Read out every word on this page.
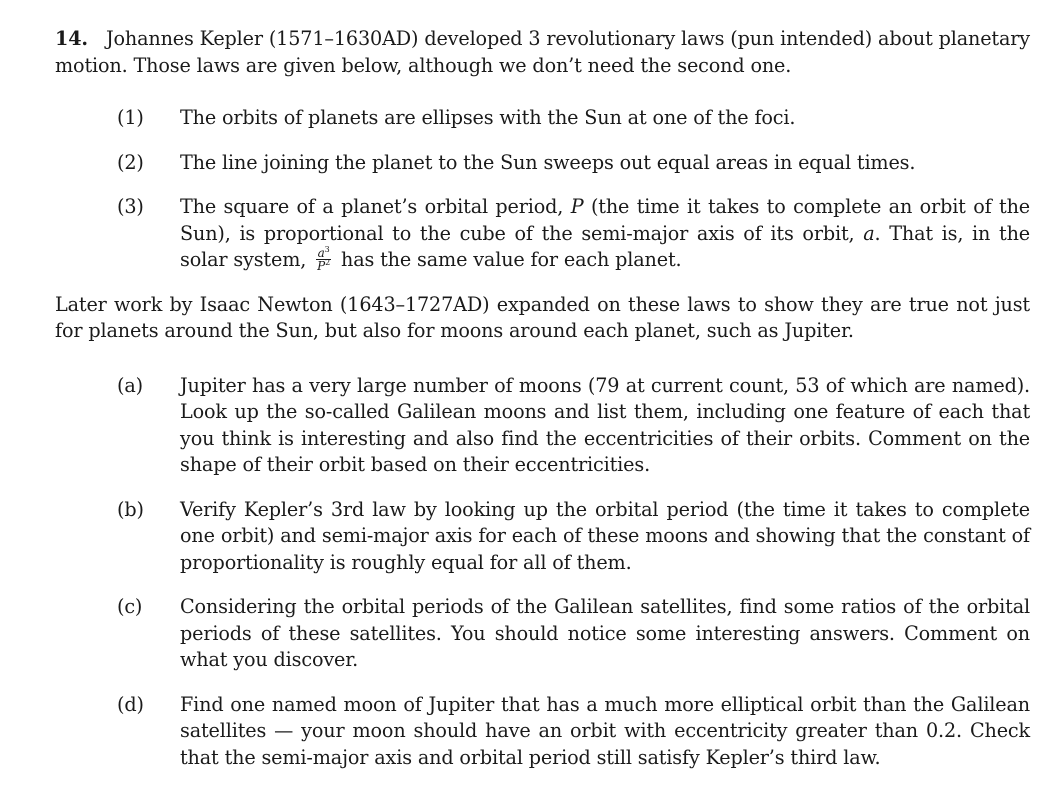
14. Johannes Kepler (1571–1630AD) developed 3 revolutionary laws (pun intended) about planetary motion. Those laws are given below, although we don’t need the second one.

(1)	The orbits of planets are ellipses with the Sun at one of the foci.
(2)	The line joining the planet to the Sun sweeps out equal areas in equal times.
(3)	The square of a planet’s orbital period, P (the time it takes to complete an orbit of the Sun), is proportional to the cube of the semi-major axis of its orbit, a. That is, in the solar system, $\frac{a^3}{P^2}$ has the same value for each planet.

Later work by Isaac Newton (1643–1727AD) expanded on these laws to show they are true not just for planets around the Sun, but also for moons around each planet, such as Jupiter.

(a)	Jupiter has a very large number of moons (79 at current count, 53 of which are named). Look up the so-called Galilean moons and list them, including one feature of each that you think is interesting and also find the eccentricities of their orbits. Comment on the shape of their orbit based on their eccentricities.
(b)	Verify Kepler’s 3rd law by looking up the orbital period (the time it takes to complete one orbit) and semi-major axis for each of these moons and showing that the constant of proportionality is roughly equal for all of them.
(c)	Considering the orbital periods of the Galilean satellites, find some ratios of the orbital periods of these satellites. You should notice some interesting answers. Comment on what you discover.
(d)	Find one named moon of Jupiter that has a much more elliptical orbit than the Galilean satellites — your moon should have an orbit with eccentricity greater than 0.2. Check that the semi-major axis and orbital period still satisfy Kepler’s third law.
